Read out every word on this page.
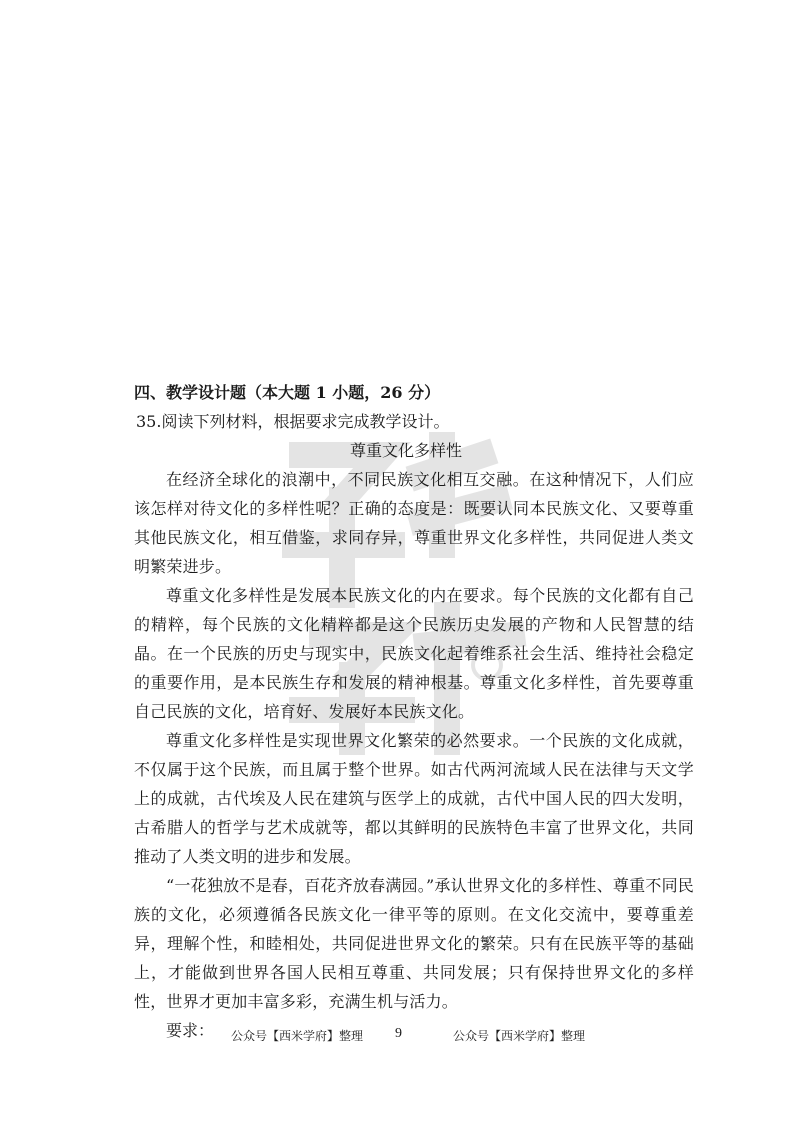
四、教学设计题（本大题 1 小题，26 分）

35.阅读下列材料，根据要求完成教学设计。

尊重文化多样性

在经济全球化的浪潮中，不同民族文化相互交融。在这种情况下，人们应该怎样对待文化的多样性呢？正确的态度是：既要认同本民族文化、又要尊重其他民族文化，相互借鉴，求同存异，尊重世界文化多样性，共同促进人类文明繁荣进步。

尊重文化多样性是发展本民族文化的内在要求。每个民族的文化都有自己的精粹，每个民族的文化精粹都是这个民族历史发展的产物和人民智慧的结晶。在一个民族的历史与现实中，民族文化起着维系社会生活、维持社会稳定的重要作用，是本民族生存和发展的精神根基。尊重文化多样性，首先要尊重自己民族的文化，培育好、发展好本民族文化。

尊重文化多样性是实现世界文化繁荣的必然要求。一个民族的文化成就，不仅属于这个民族，而且属于整个世界。如古代两河流域人民在法律与天文学上的成就，古代埃及人民在建筑与医学上的成就，古代中国人民的四大发明，古希腊人的哲学与艺术成就等，都以其鲜明的民族特色丰富了世界文化，共同推动了人类文明的进步和发展。

“一花独放不是春，百花齐放春满园。”承认世界文化的多样性、尊重不同民族的文化，必须遵循各民族文化一律平等的原则。在文化交流中，要尊重差异，理解个性，和睦相处，共同促进世界文化的繁荣。只有在民族平等的基础上，才能做到世界各国人民相互尊重、共同发展；只有保持世界文化的多样性，世界才更加丰富多彩，充满生机与活力。

要求：	公众号【西米学府】整理 9	公众号【西米学府】整理
